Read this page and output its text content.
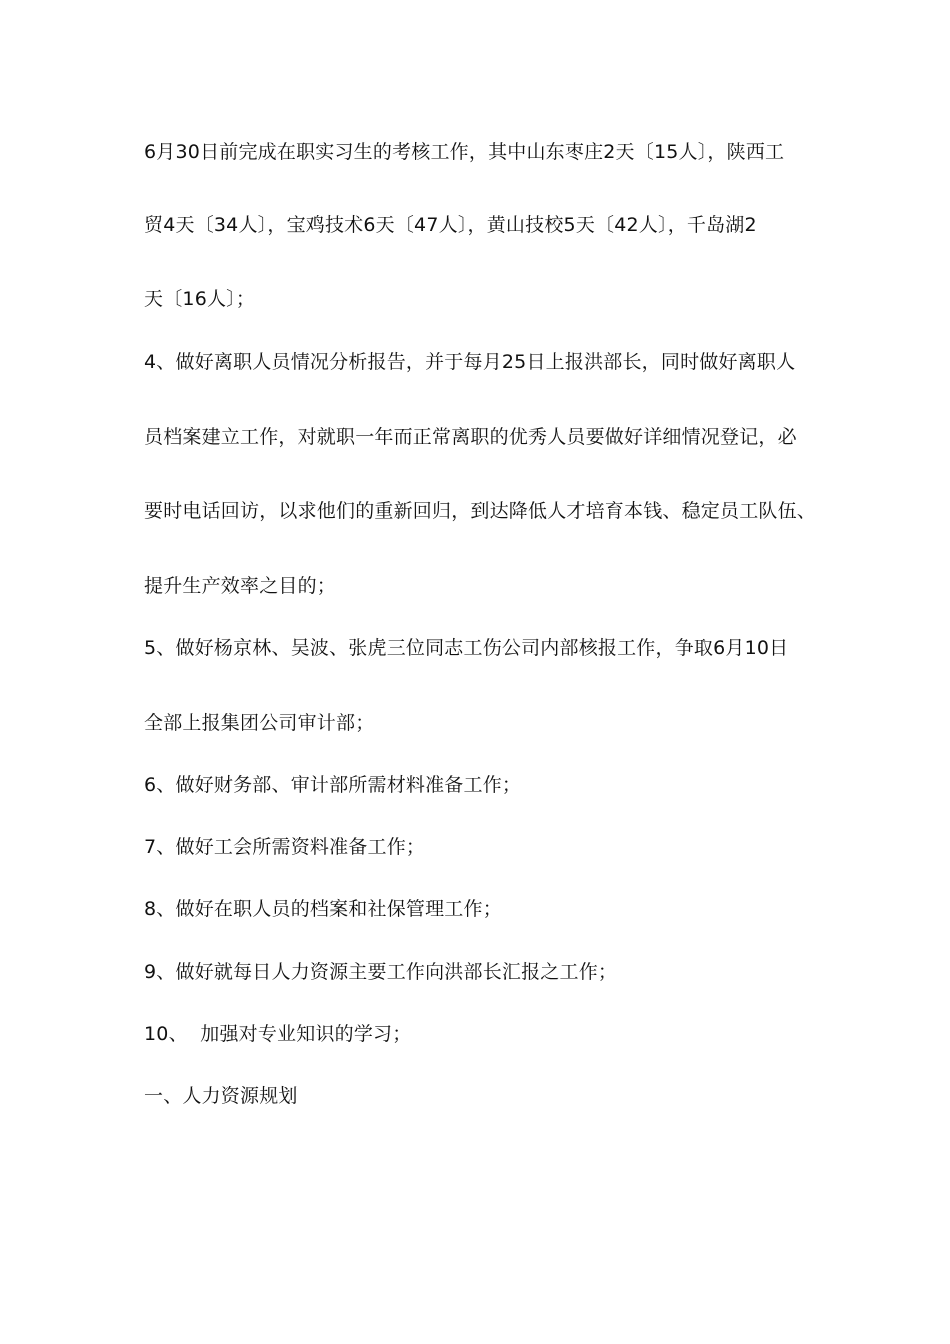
6月30日前完成在职实习生的考核工作，其中山东枣庄2天〔15人〕，陕西工
贸4天〔34人〕，宝鸡技术6天〔47人〕，黄山技校5天〔42人〕，千岛湖2
天〔16人〕；
4、做好离职人员情况分析报告，并于每月25日上报洪部长，同时做好离职人
员档案建立工作，对就职一年而正常离职的优秀人员要做好详细情况登记，必
要时电话回访，以求他们的重新回归，到达降低人才培育本钱、稳定员工队伍、
提升生产效率之目的；
5、做好杨京林、吴波、张虎三位同志工伤公司内部核报工作，争取6月10日
全部上报集团公司审计部；
6、做好财务部、审计部所需材料准备工作；
7、做好工会所需资料准备工作；
8、做好在职人员的档案和社保管理工作；
9、做好就每日人力资源主要工作向洪部长汇报之工作；
10、  加强对专业知识的学习；
一、人力资源规划
